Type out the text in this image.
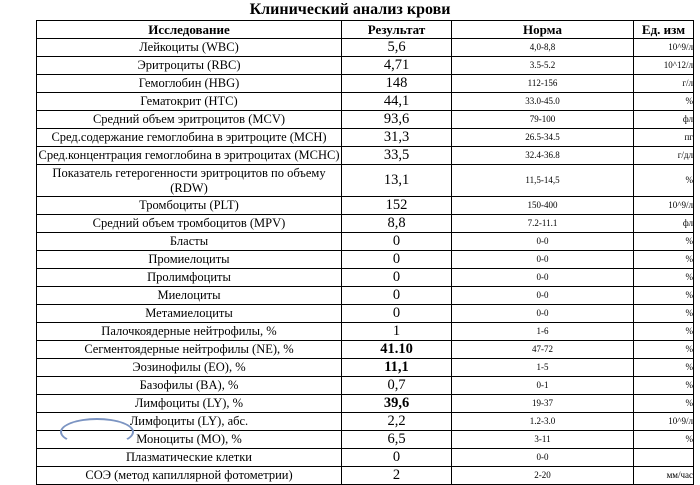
Клинический анализ крови
Исследование	Результат	Норма	Ед. изм
Лейкоциты (WBC)	5,6	4,0-8,8	10^9/л
Эритроциты (RBC)	4,71	3.5-5.2	10^12/л
Гемоглобин (HBG)	148	112-156	г/л
Гематокрит (HTC)	44,1	33.0-45.0	%
Средний объем эритроцитов (MCV)	93,6	79-100	фл
Сред.содержание гемоглобина в эритроците (MCH)	31,3	26.5-34.5	пг
Сред.концентрация гемоглобина в эритроцитах (MCHC)	33,5	32.4-36.8	г/дл
Показатель гетерогенности эритроцитов по объему (RDW)	13,1	11,5-14,5	%
Тромбоциты (PLT)	152	150-400	10^9/л
Средний объем тромбоцитов (MPV)	8,8	7.2-11.1	фл
Бласты	0	0-0	%
Промиелоциты	0	0-0	%
Пролимфоциты	0	0-0	%
Миелоциты	0	0-0	%
Метамиелоциты	0	0-0	%
Палочкоядерные нейтрофилы, %	1	1-6	%
Сегментоядерные нейтрофилы (NE), %	41.10	47-72	%
Эозинофилы (EO), %	11,1	1-5	%
Базофилы (BA), %	0,7	0-1	%
Лимфоциты (LY), %	39,6	19-37	%
Лимфоциты (LY), абс.	2,2	1.2-3.0	10^9/л
Моноциты (MO), %	6,5	3-11	%
Плазматические клетки	0	0-0	
СОЭ (метод капиллярной фотометрии)	2	2-20	мм/час
